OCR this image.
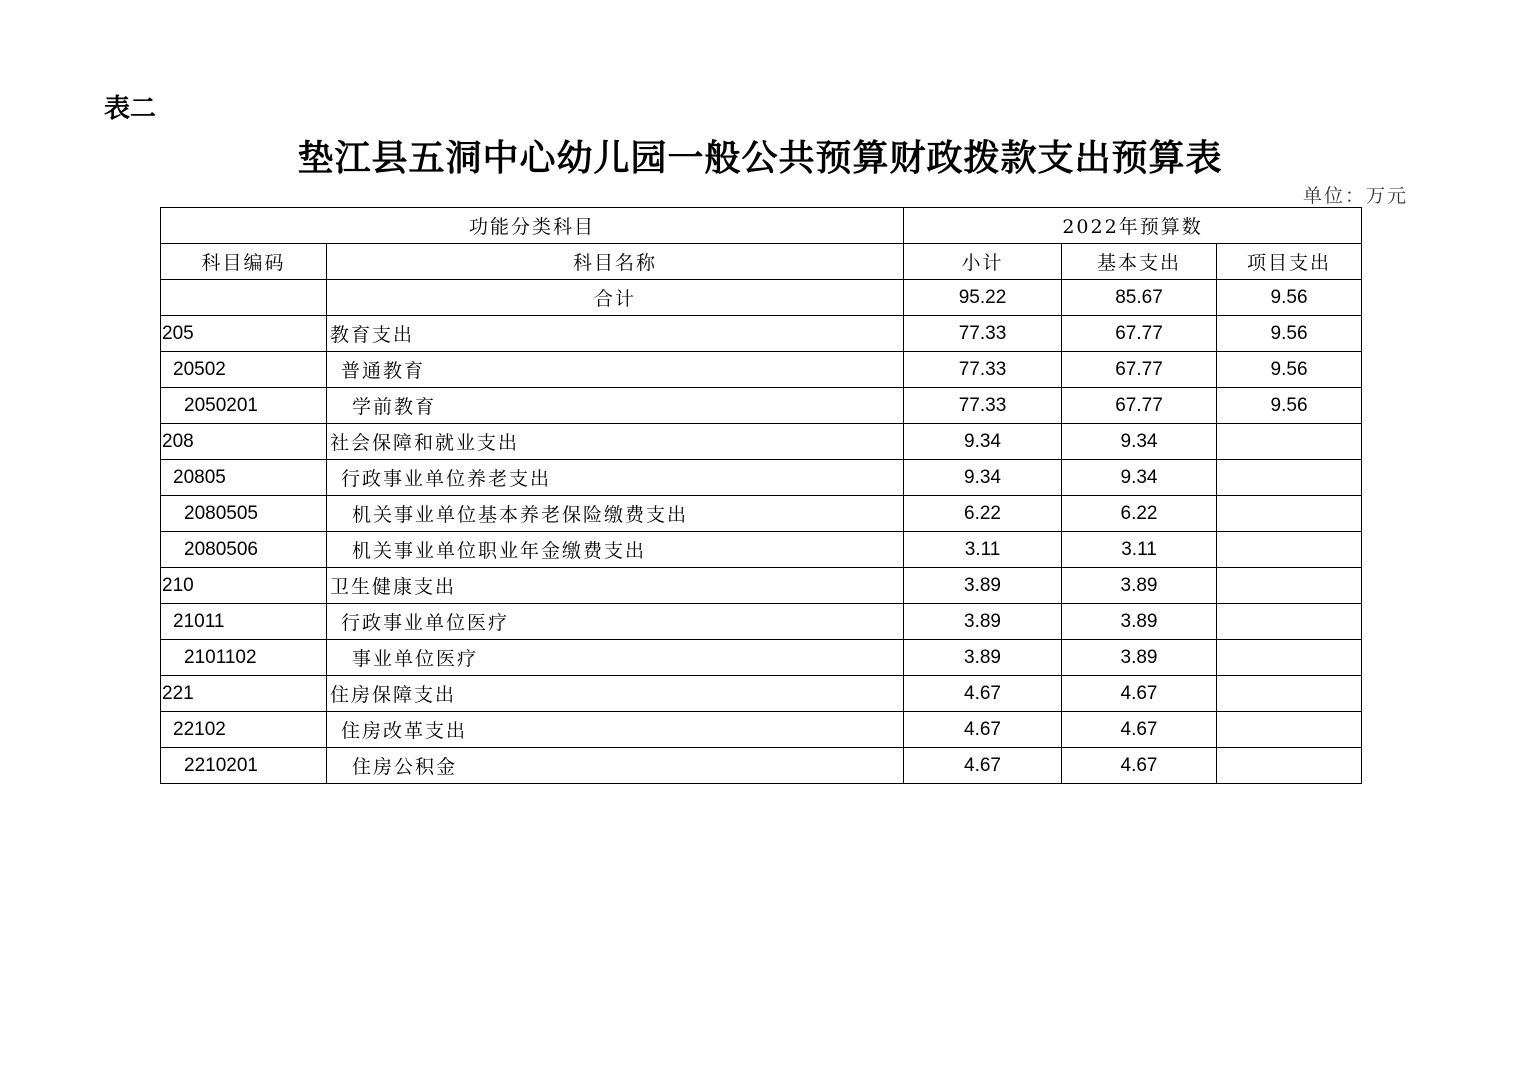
表二
垫江县五洞中心幼儿园一般公共预算财政拨款支出预算表
单位：万元
功能分类科目		2022年预算数		
科目编码	科目名称	小计	基本支出	项目支出
	合计	95.22	85.67	9.56
205	教育支出	77.33	67.77	9.56
20502	普通教育	77.33	67.77	9.56
2050201	学前教育	77.33	67.77	9.56
208	社会保障和就业支出	9.34	9.34	
20805	行政事业单位养老支出	9.34	9.34	
2080505	机关事业单位基本养老保险缴费支出	6.22	6.22	
2080506	机关事业单位职业年金缴费支出	3.11	3.11	
210	卫生健康支出	3.89	3.89	
21011	行政事业单位医疗	3.89	3.89	
2101102	事业单位医疗	3.89	3.89	
221	住房保障支出	4.67	4.67	
22102	住房改革支出	4.67	4.67	
2210201	住房公积金	4.67	4.67	
